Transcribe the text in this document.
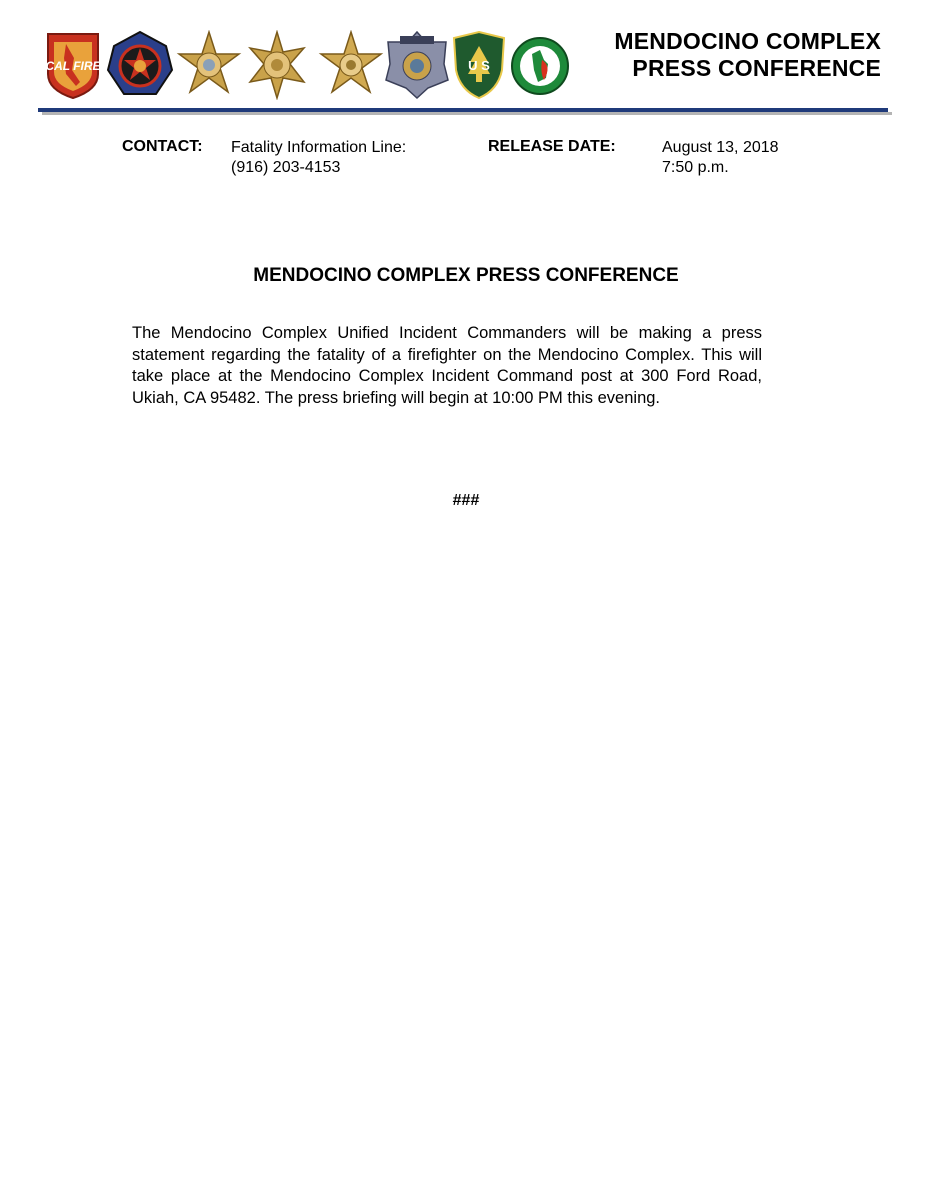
CAL FIRE	U S
MENDOCINO COMPLEX
PRESS CONFERENCE
CONTACT: Fatality Information Line:
(916) 203-4153
RELEASE DATE:	August 13, 2018
7:50 p.m.
MENDOCINO COMPLEX PRESS CONFERENCE

The Mendocino Complex Unified Incident Commanders will be making a press statement regarding the fatality of a firefighter on the Mendocino Complex. This will take place at the Mendocino Complex Incident Command post at 300 Ford Road, Ukiah, CA 95482. The press briefing will begin at 10:00 PM this evening.

###
